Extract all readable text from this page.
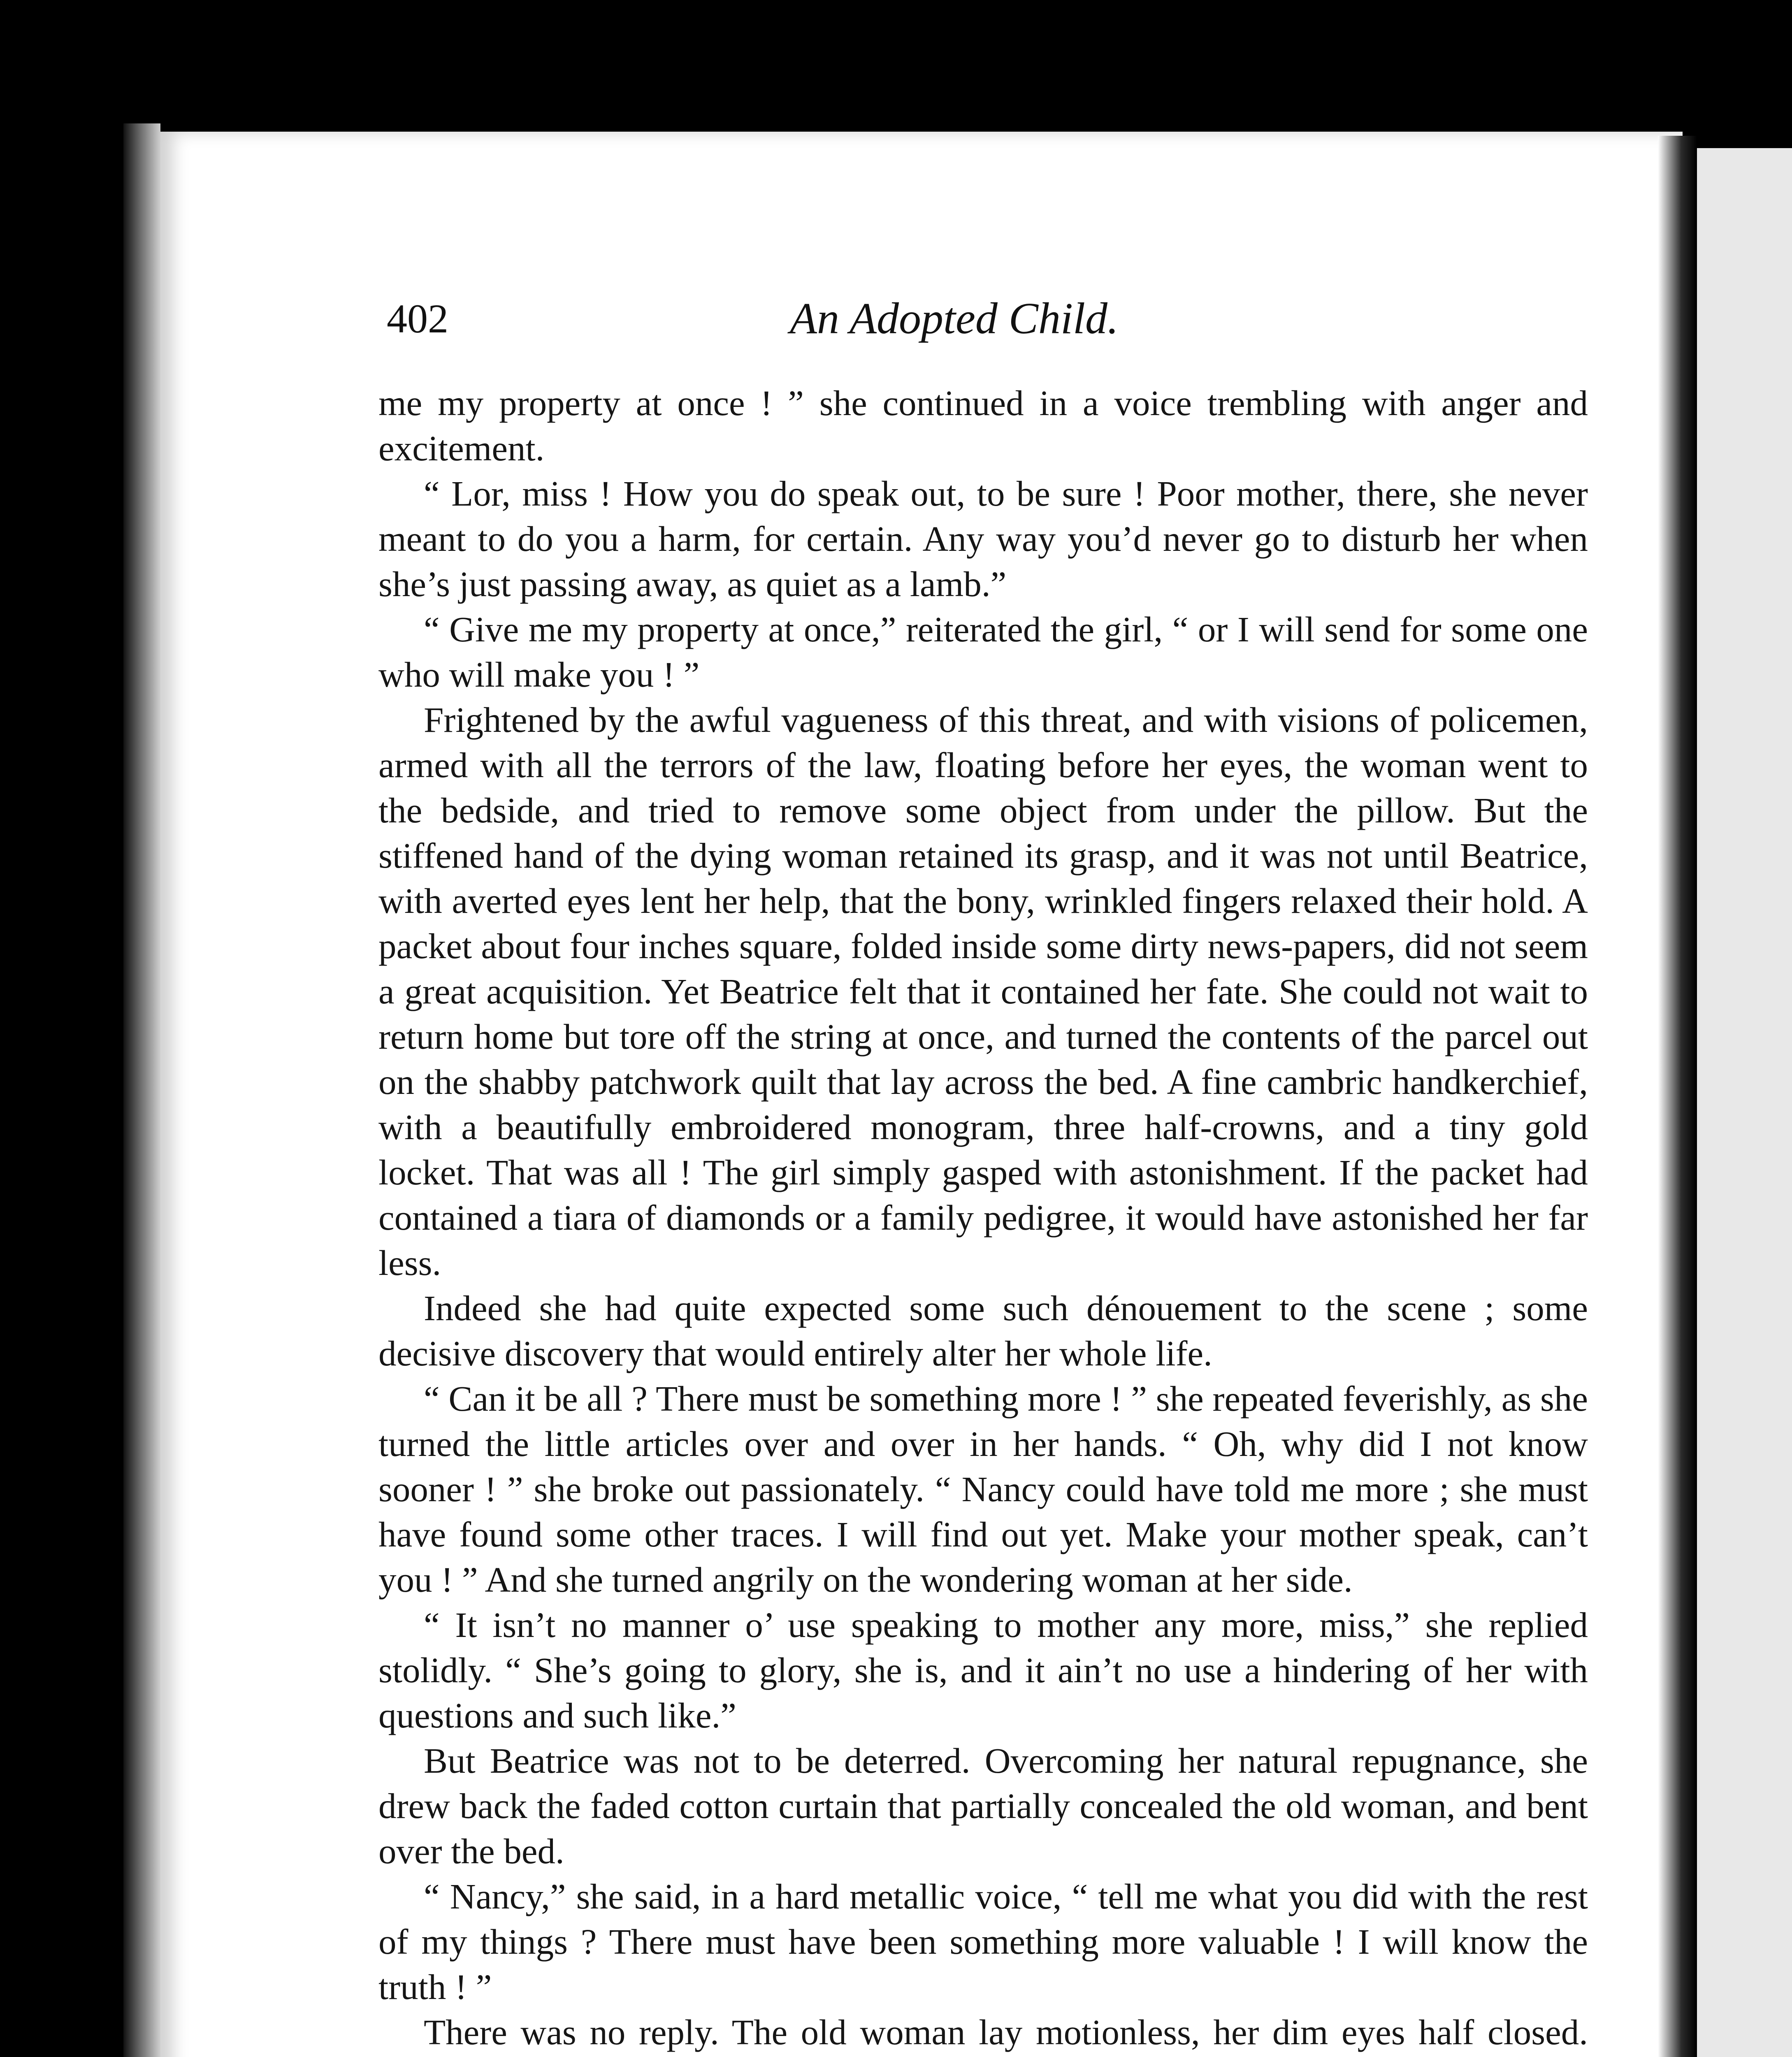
402	An Adopted Child.

me my property at once ! ” she continued in a voice trembling with anger and excitement.

“ Lor, miss ! How you do speak out, to be sure ! Poor mother, there, she never meant to do you a harm, for certain. Any way you’d never go to disturb her when she’s just passing away, as quiet as a lamb.”

“ Give me my property at once,” reiterated the girl, “ or I will send for some one who will make you ! ”

Frightened by the awful vagueness of this threat, and with visions of policemen, armed with all the terrors of the law, floating before her eyes, the woman went to the bedside, and tried to remove some object from under the pillow. But the stiffened hand of the dying woman retained its grasp, and it was not until Beatrice, with averted eyes lent her help, that the bony, wrinkled fingers relaxed their hold. A packet about four inches square, folded inside some dirty news-papers, did not seem a great acquisition. Yet Beatrice felt that it contained her fate. She could not wait to return home but tore off the string at once, and turned the contents of the parcel out on the shabby patchwork quilt that lay across the bed. A fine cambric handkerchief, with a beautifully embroidered monogram, three half-crowns, and a tiny gold locket. That was all ! The girl simply gasped with astonishment. If the packet had contained a tiara of diamonds or a family pedigree, it would have astonished her far less.

Indeed she had quite expected some such dénouement to the scene ; some decisive discovery that would entirely alter her whole life.

“ Can it be all ? There must be something more ! ” she repeated feverishly, as she turned the little articles over and over in her hands. “ Oh, why did I not know sooner ! ” she broke out passionately. “ Nancy could have told me more ; she must have found some other traces. I will find out yet. Make your mother speak, can’t you ! ” And she turned angrily on the wondering woman at her side.

“ It isn’t no manner o’ use speaking to mother any more, miss,” she replied stolidly. “ She’s going to glory, she is, and it ain’t no use a hindering of her with questions and such like.”

But Beatrice was not to be deterred. Overcoming her natural repugnance, she drew back the faded cotton curtain that partially concealed the old woman, and bent over the bed.

“ Nancy,” she said, in a hard metallic voice, “ tell me what you did with the rest of my things ? There must have been something more valuable ! I will know the truth ! ”

There was no reply. The old woman lay motionless, her dim eyes half closed.
